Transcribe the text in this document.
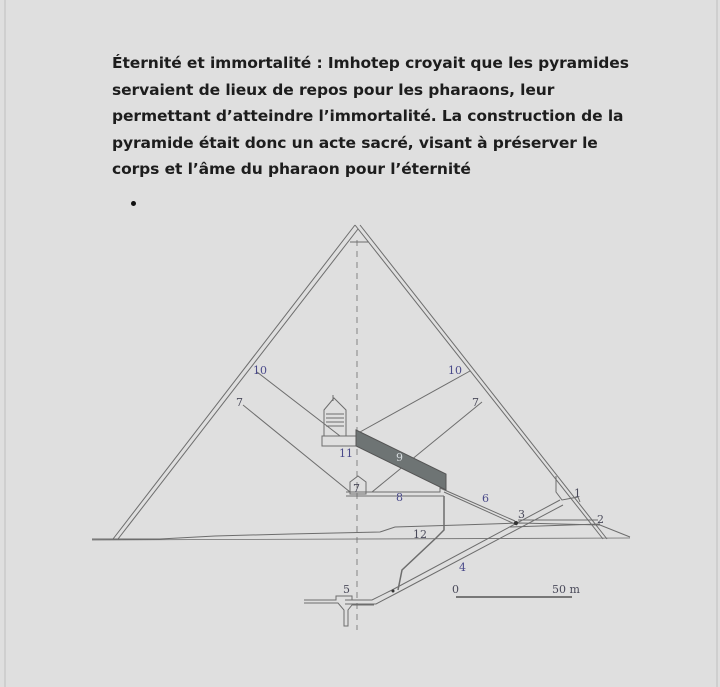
Éternité et immortalité : Imhotep croyait que les pyramides
servaient de lieux de repos pour les pharaons, leur
permettant d’atteindre l’immortalité. La construction de la
pyramide était donc un acte sacré, visant à préserver le
corps et l’âme du pharaon pour l’éternité
1
2
3
4
5
6
7	7
7
8
9
10	10
11
12
0	50 m
